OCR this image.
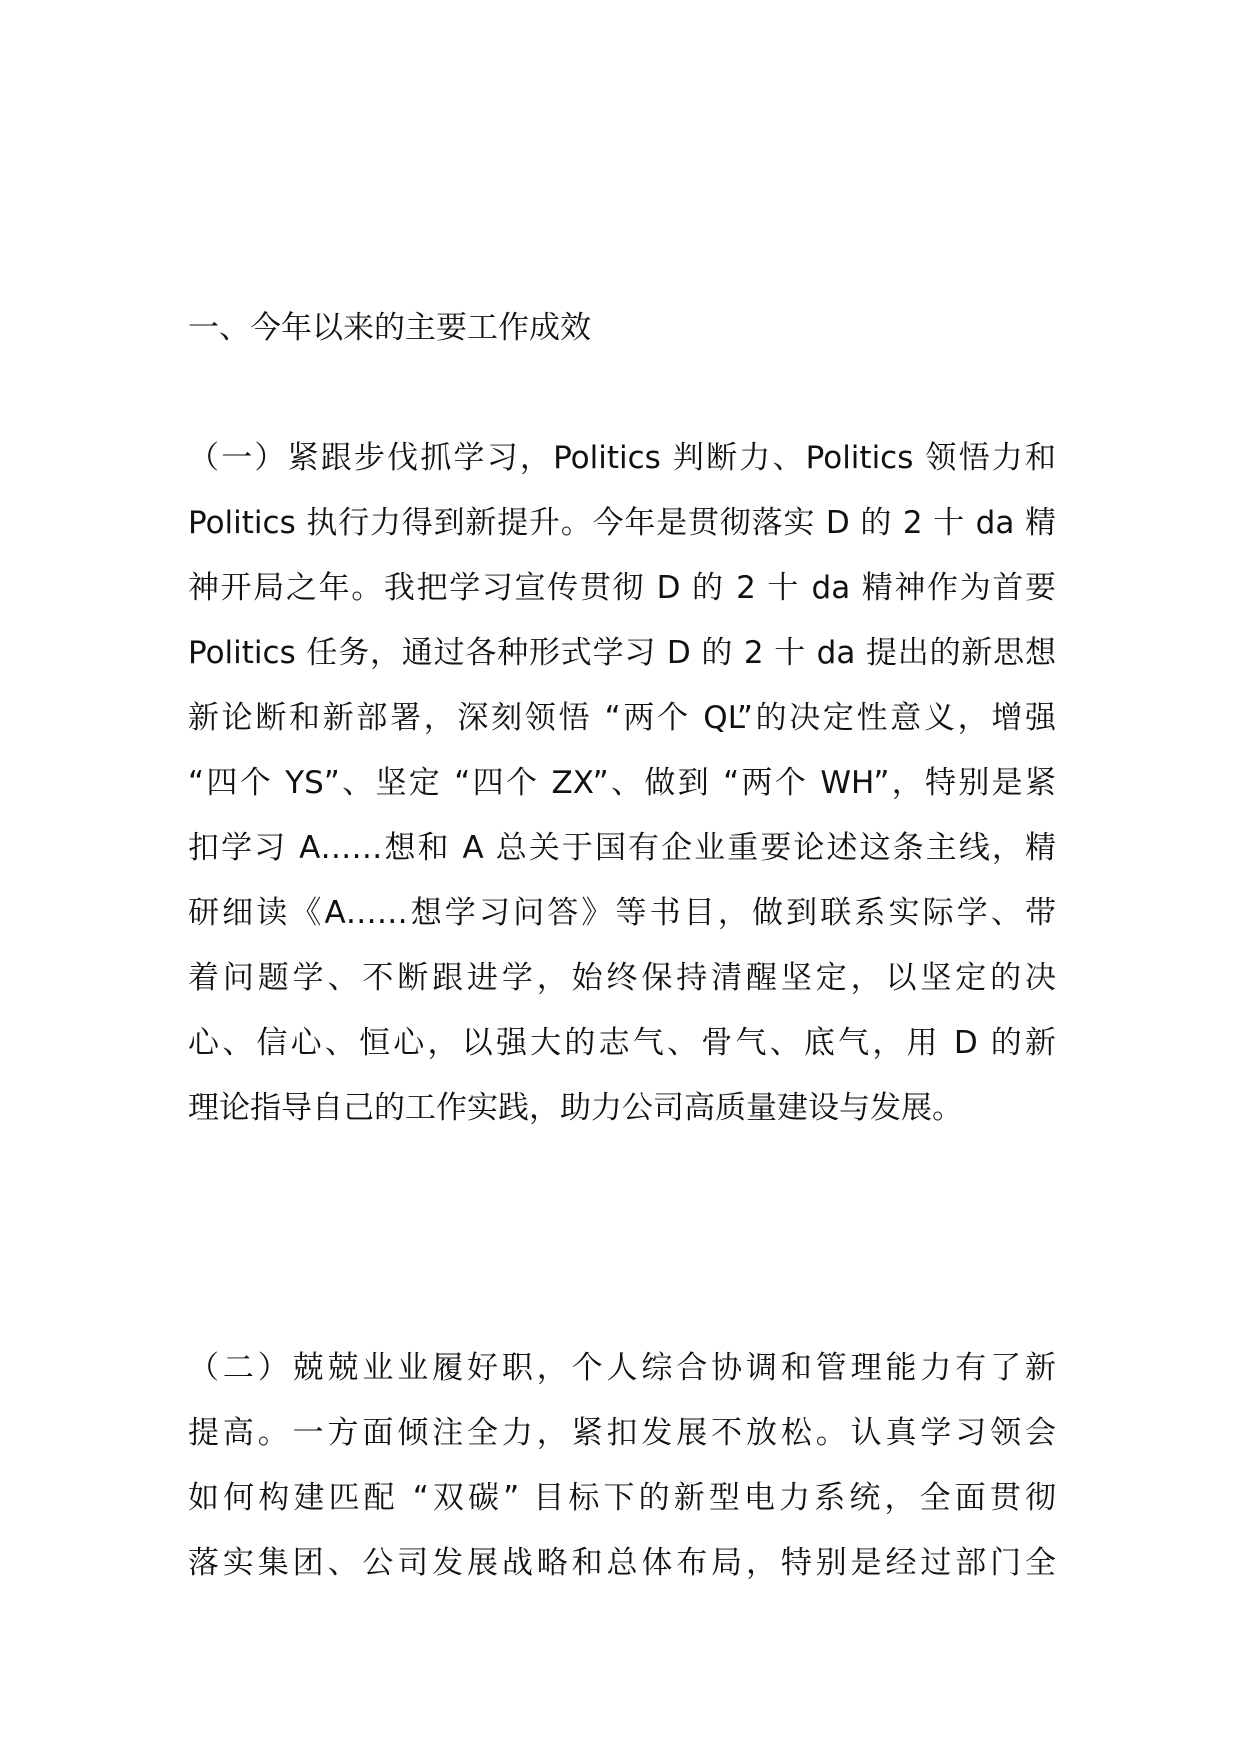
一、今年以来的主要工作成效

（一）紧跟步伐抓学习，Politics 判断力、Politics 领悟力和
Politics 执行力得到新提升。今年是贯彻落实 D 的 2 十 da 精
神开局之年。我把学习宣传贯彻 D 的 2 十 da 精神作为首要
Politics 任务，通过各种形式学习 D 的 2 十 da 提出的新思想
新论断和新部署，深刻领悟 “两个 QL”的决定性意义，增强
“四个 YS”、坚定 “四个 ZX”、做到 “两个 WH”，特别是紧
扣学习 A……想和 A 总关于国有企业重要论述这条主线，精
研细读《A……想学习问答》等书目，做到联系实际学、带
着问题学、不断跟进学，始终保持清醒坚定，以坚定的决
心、信心、恒心，以强大的志气、骨气、底气，用 D 的新
理论指导自己的工作实践，助力公司高质量建设与发展。

（二）兢兢业业履好职，个人综合协调和管理能力有了新
提高。一方面倾注全力，紧扣发展不放松。认真学习领会
如何构建匹配 “双碳” 目标下的新型电力系统，全面贯彻
落实集团、公司发展战略和总体布局，特别是经过部门全
